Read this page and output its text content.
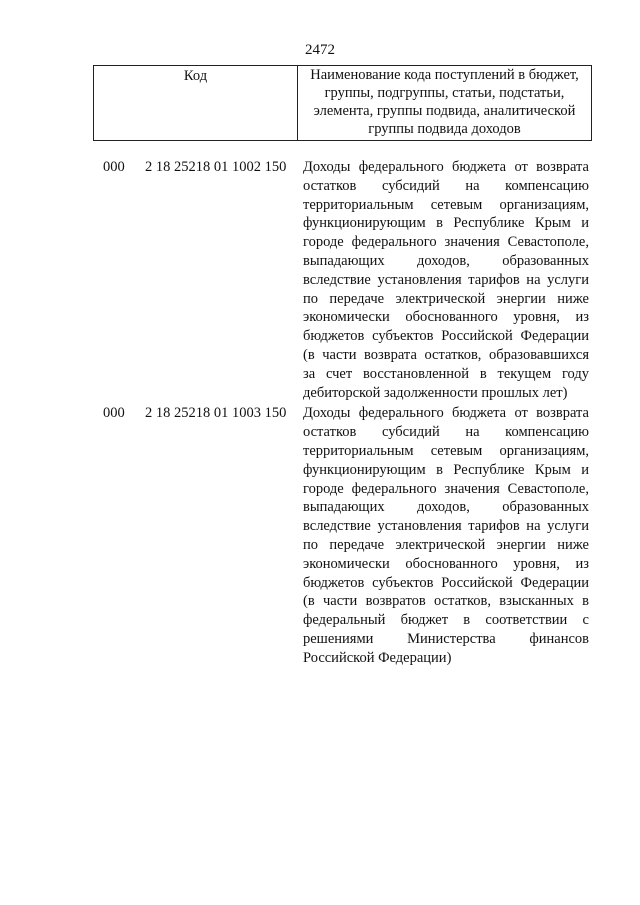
2472
Код	Наименование кода поступлений в бюджет, группы, подгруппы, статьи, подстатьи, элемента, группы подвида, аналитической группы подвида доходов
000 2 18 25218 01 1002 150 Доходы федерального бюджета от возврата остатков субсидий на компенсацию территориальным сетевым организациям, функционирующим в Республике Крым и городе федерального значения Севастополе, выпадающих доходов, образованных вследствие установления тарифов на услуги по передаче электрической энергии ниже экономически обоснованного уровня, из бюджетов субъектов Российской Федерации (в части возврата остатков, образовавшихся за счет восстановленной в текущем году дебиторской задолженности прошлых лет)
000 2 18 25218 01 1003 150 Доходы федерального бюджета от возврата остатков субсидий на компенсацию территориальным сетевым организациям, функционирующим в Республике Крым и городе федерального значения Севастополе, выпадающих доходов, образованных вследствие установления тарифов на услуги по передаче электрической энергии ниже экономически обоснованного уровня, из бюджетов субъектов Российской Федерации (в части возвратов остатков, взысканных в федеральный бюджет в соответствии с решениями Министерства финансов Российской Федерации)
